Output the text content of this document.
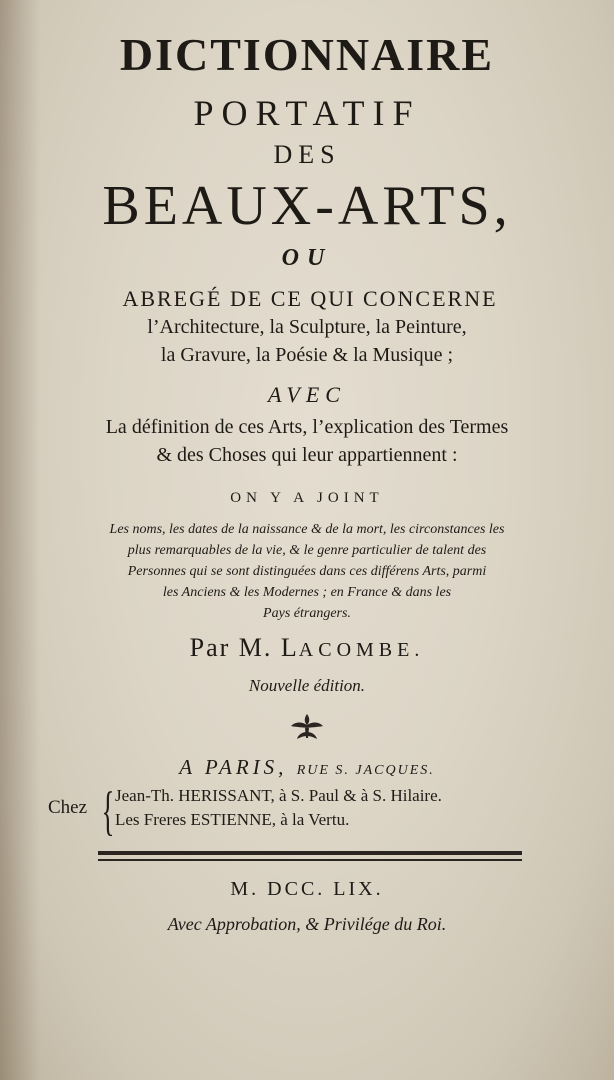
DICTIONNAIRE
PORTATIF
DES
BEAUX-ARTS,
OU
ABREGÉ DE CE QUI CONCERNE
l’Architecture, la Sculpture, la Peinture,
la Gravure, la Poésie & la Musique ;
AVEC
La définition de ces Arts, l’explication des Termes
& des Choses qui leur appartiennent :
ON Y A JOINT
Les noms, les dates de la naissance & de la mort, les circonstances les
plus remarquables de la vie, & le genre particulier de talent des
Personnes qui se sont distinguées dans ces différens Arts, parmi
les Anciens & les Modernes ; en France & dans les
Pays étrangers.
Par M. LACOMBE.
Nouvelle édition.
A PARIS, RUE S. JACQUES.
Chez { Jean-Th. HERISSANT, à S. Paul & à S. Hilaire.
Les Freres ESTIENNE, à la Vertu.
M. DCC. LIX.
Avec Approbation, & Privilége du Roi.
